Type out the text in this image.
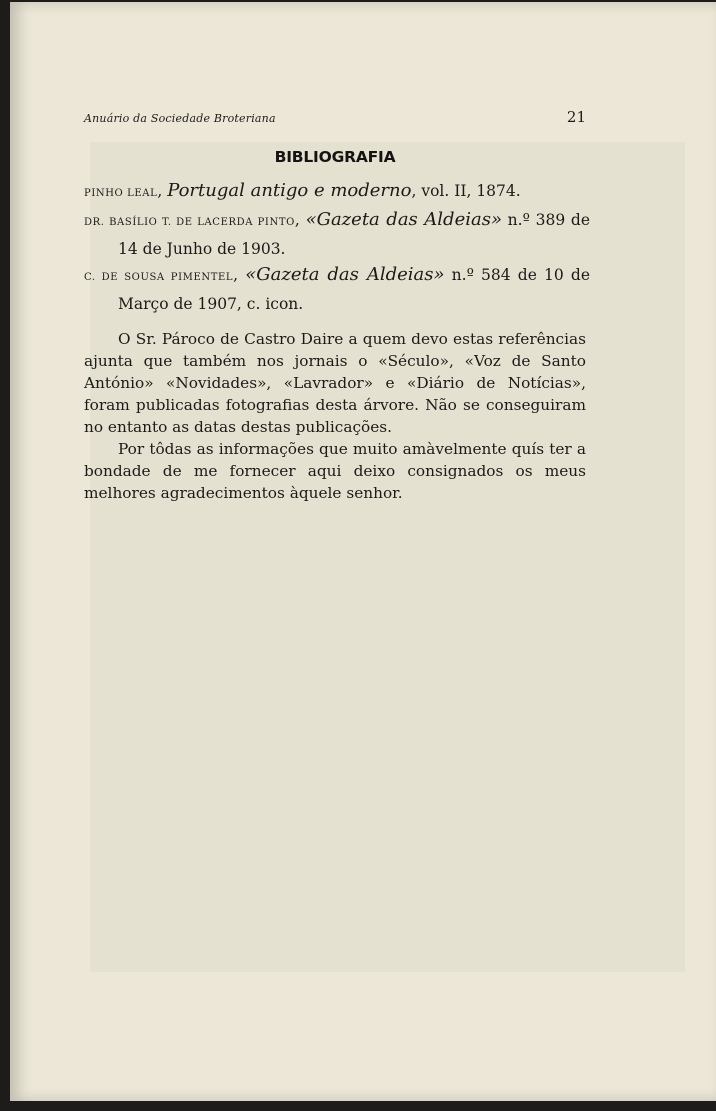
Anuário da Sociedade Broteriana	21
BIBLIOGRAFIA

PINHO LEAL, Portugal antigo e moderno, vol. II, 1874.

DR. BASÍLIO T. DE LACERDA PINTO, «Gazeta das Aldeias» n.º 389 de 14 de Junho de 1903.

C. DE SOUSA PIMENTEL, «Gazeta das Aldeias» n.º 584 de 10 de Março de 1907, c. icon.

O Sr. Pároco de Castro Daire a quem devo estas referências ajunta que também nos jornais o «Século», «Voz de Santo António» «Novidades», «Lavrador» e «Diário de Notícias», foram publicadas fotografias desta árvore. Não se conseguiram no entanto as datas destas publicações.

Por tôdas as informações que muito amàvelmente quís ter a bondade de me fornecer aqui deixo consignados os meus melhores agradecimentos àquele senhor.
